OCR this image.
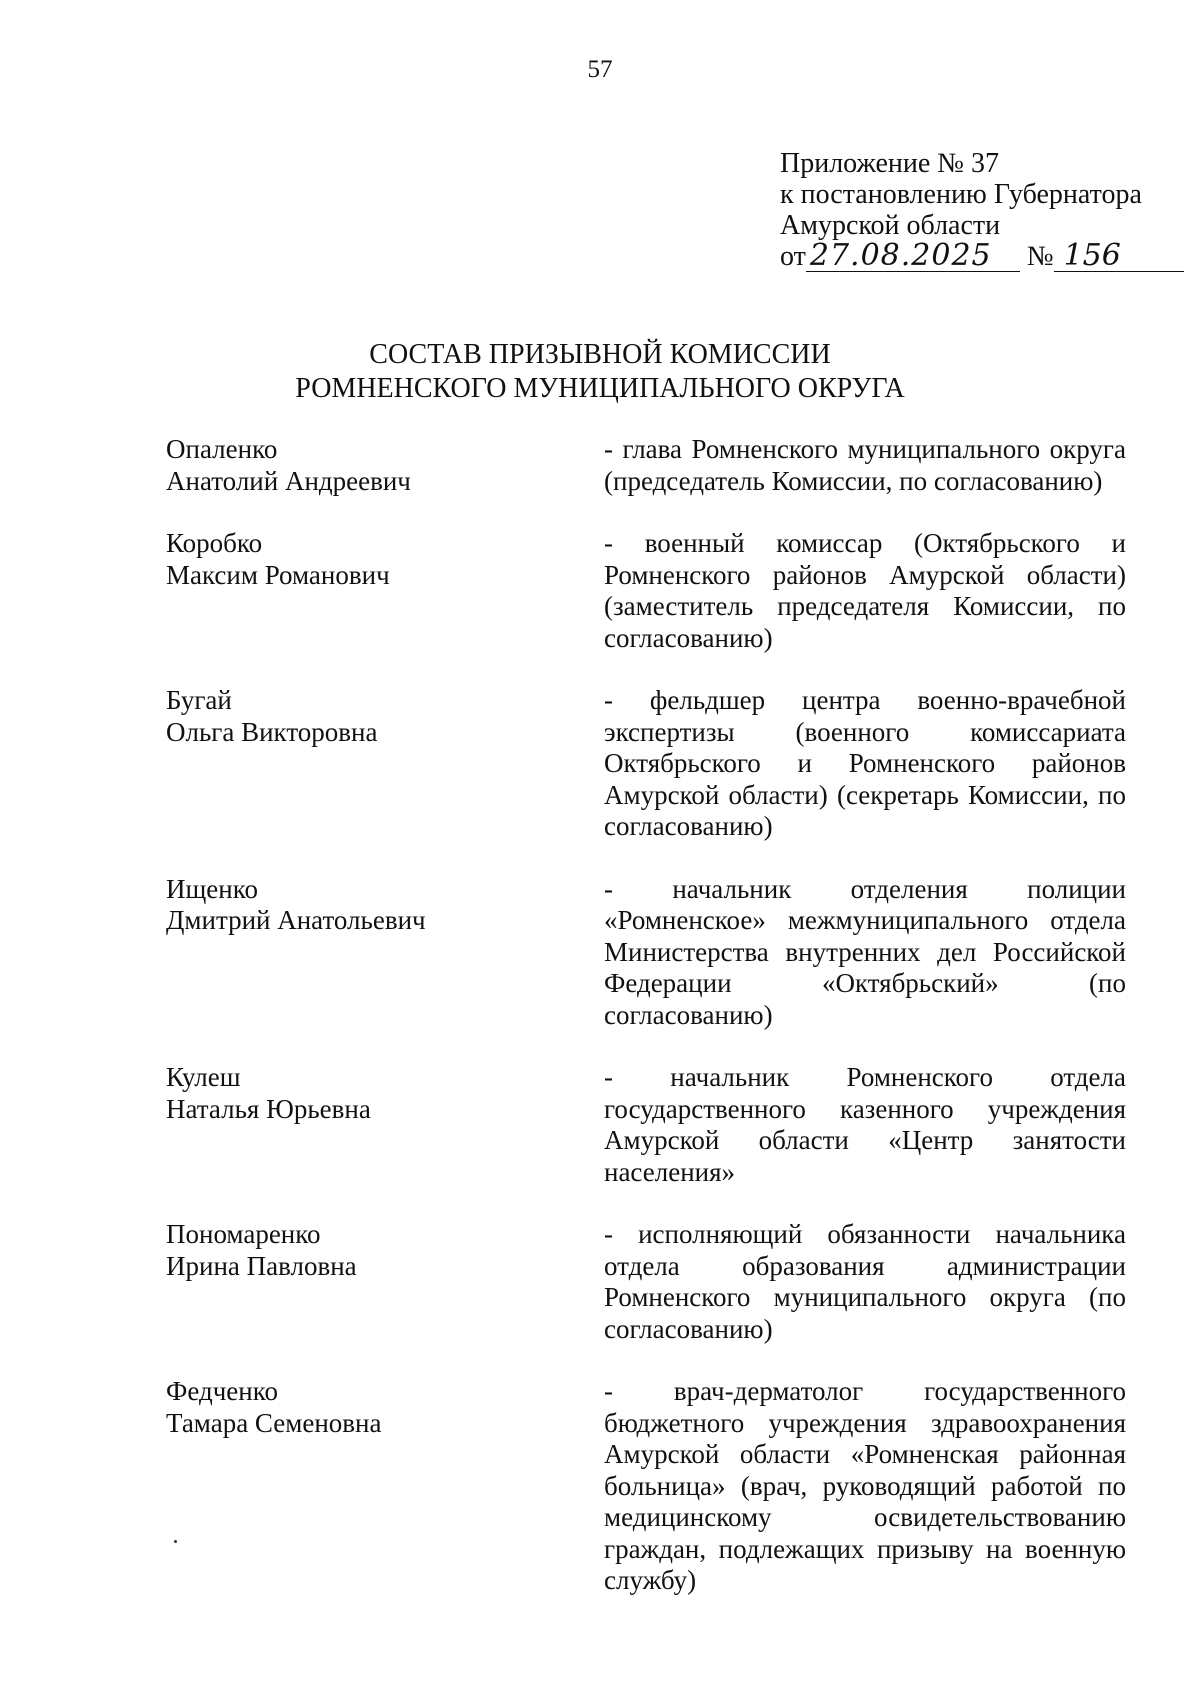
57
Приложение № 37
к постановлению Губернатора
Амурской области
от 27.08.2025 № 156
СОСТАВ ПРИЗЫВНОЙ КОМИССИИ
РОМНЕНСКОГО МУНИЦИПАЛЬНОГО ОКРУГА
Опаленко
Анатолий Андреевич
- глава Ромненского муниципального округа (председатель Комиссии, по согласованию)
Коробко
Максим Романович
- военный комиссар (Октябрьского и Ромненского районов Амурской области) (заместитель председателя Комиссии, по согласованию)
Бугай
Ольга Викторовна
- фельдшер центра военно-врачебной экспертизы (военного комиссариата Октябрьского и Ромненского районов Амурской области) (секретарь Комиссии, по согласованию)
Ищенко
Дмитрий Анатольевич
- начальник отделения полиции «Ромненское» межмуниципального отдела Министерства внутренних дел Российской Федерации «Октябрьский» (по согласованию)
Кулеш
Наталья Юрьевна
- начальник Ромненского отдела государственного казенного учреждения Амурской области «Центр занятости населения»
Пономаренко
Ирина Павловна
- исполняющий обязанности начальника отдела образования администрации Ромненского муниципального округа (по согласованию)
Федченко
Тамара Семеновна
- врач-дерматолог государственного бюджетного учреждения здравоохранения Амурской области «Ромненская районная больница» (врач, руководящий работой по медицинскому освидетельствованию граждан, подлежащих призыву на военную службу)
